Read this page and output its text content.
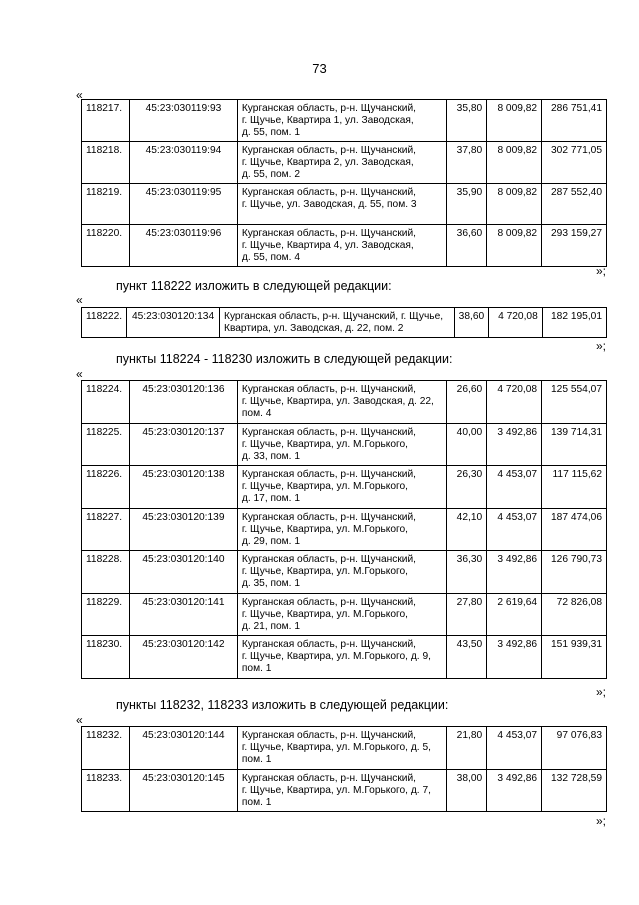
73
«
118217.	45:23:030119:93	Курганская область, р-н. Щучанский,
г. Щучье, Квартира 1, ул. Заводская,
д. 55, пом. 1	35,80	8 009,82	286 751,41
118218.	45:23:030119:94	Курганская область, р-н. Щучанский,
г. Щучье, Квартира 2, ул. Заводская,
д. 55, пом. 2	37,80	8 009,82	302 771,05
118219.	45:23:030119:95	Курганская область, р-н. Щучанский,
г. Щучье, ул. Заводская, д. 55, пом. 3	35,90	8 009,82	287 552,40
118220.	45:23:030119:96	Курганская область, р-н. Щучанский,
г. Щучье, Квартира 4, ул. Заводская,
д. 55, пом. 4	36,60	8 009,82	293 159,27
»;
пункт 118222 изложить в следующей редакции:
«
118222.	45:23:030120:134	Курганская область, р-н. Щучанский, г. Щучье,
Квартира, ул. Заводская, д. 22, пом. 2	38,60	4 720,08	182 195,01
»;
пункты 118224 - 118230 изложить в следующей редакции:
«
118224.	45:23:030120:136	Курганская область, р-н. Щучанский,
г. Щучье, Квартира, ул. Заводская, д. 22,
пом. 4	26,60	4 720,08	125 554,07
118225.	45:23:030120:137	Курганская область, р-н. Щучанский,
г. Щучье, Квартира, ул. М.Горького,
д. 33, пом. 1	40,00	3 492,86	139 714,31
118226.	45:23:030120:138	Курганская область, р-н. Щучанский,
г. Щучье, Квартира, ул. М.Горького,
д. 17, пом. 1	26,30	4 453,07	117 115,62
118227.	45:23:030120:139	Курганская область, р-н. Щучанский,
г. Щучье, Квартира, ул. М.Горького,
д. 29, пом. 1	42,10	4 453,07	187 474,06
118228.	45:23:030120:140	Курганская область, р-н. Щучанский,
г. Щучье, Квартира, ул. М.Горького,
д. 35, пом. 1	36,30	3 492,86	126 790,73
118229.	45:23:030120:141	Курганская область, р-н. Щучанский,
г. Щучье, Квартира, ул. М.Горького,
д. 21, пом. 1	27,80	2 619,64	72 826,08
118230.	45:23:030120:142	Курганская область, р-н. Щучанский,
г. Щучье, Квартира, ул. М.Горького, д. 9,
пом. 1	43,50	3 492,86	151 939,31
»;
пункты 118232, 118233 изложить в следующей редакции:
«
118232.	45:23:030120:144	Курганская область, р-н. Щучанский,
г. Щучье, Квартира, ул. М.Горького, д. 5,
пом. 1	21,80	4 453,07	97 076,83
118233.	45:23:030120:145	Курганская область, р-н. Щучанский,
г. Щучье, Квартира, ул. М.Горького, д. 7,
пом. 1	38,00	3 492,86	132 728,59
»;
